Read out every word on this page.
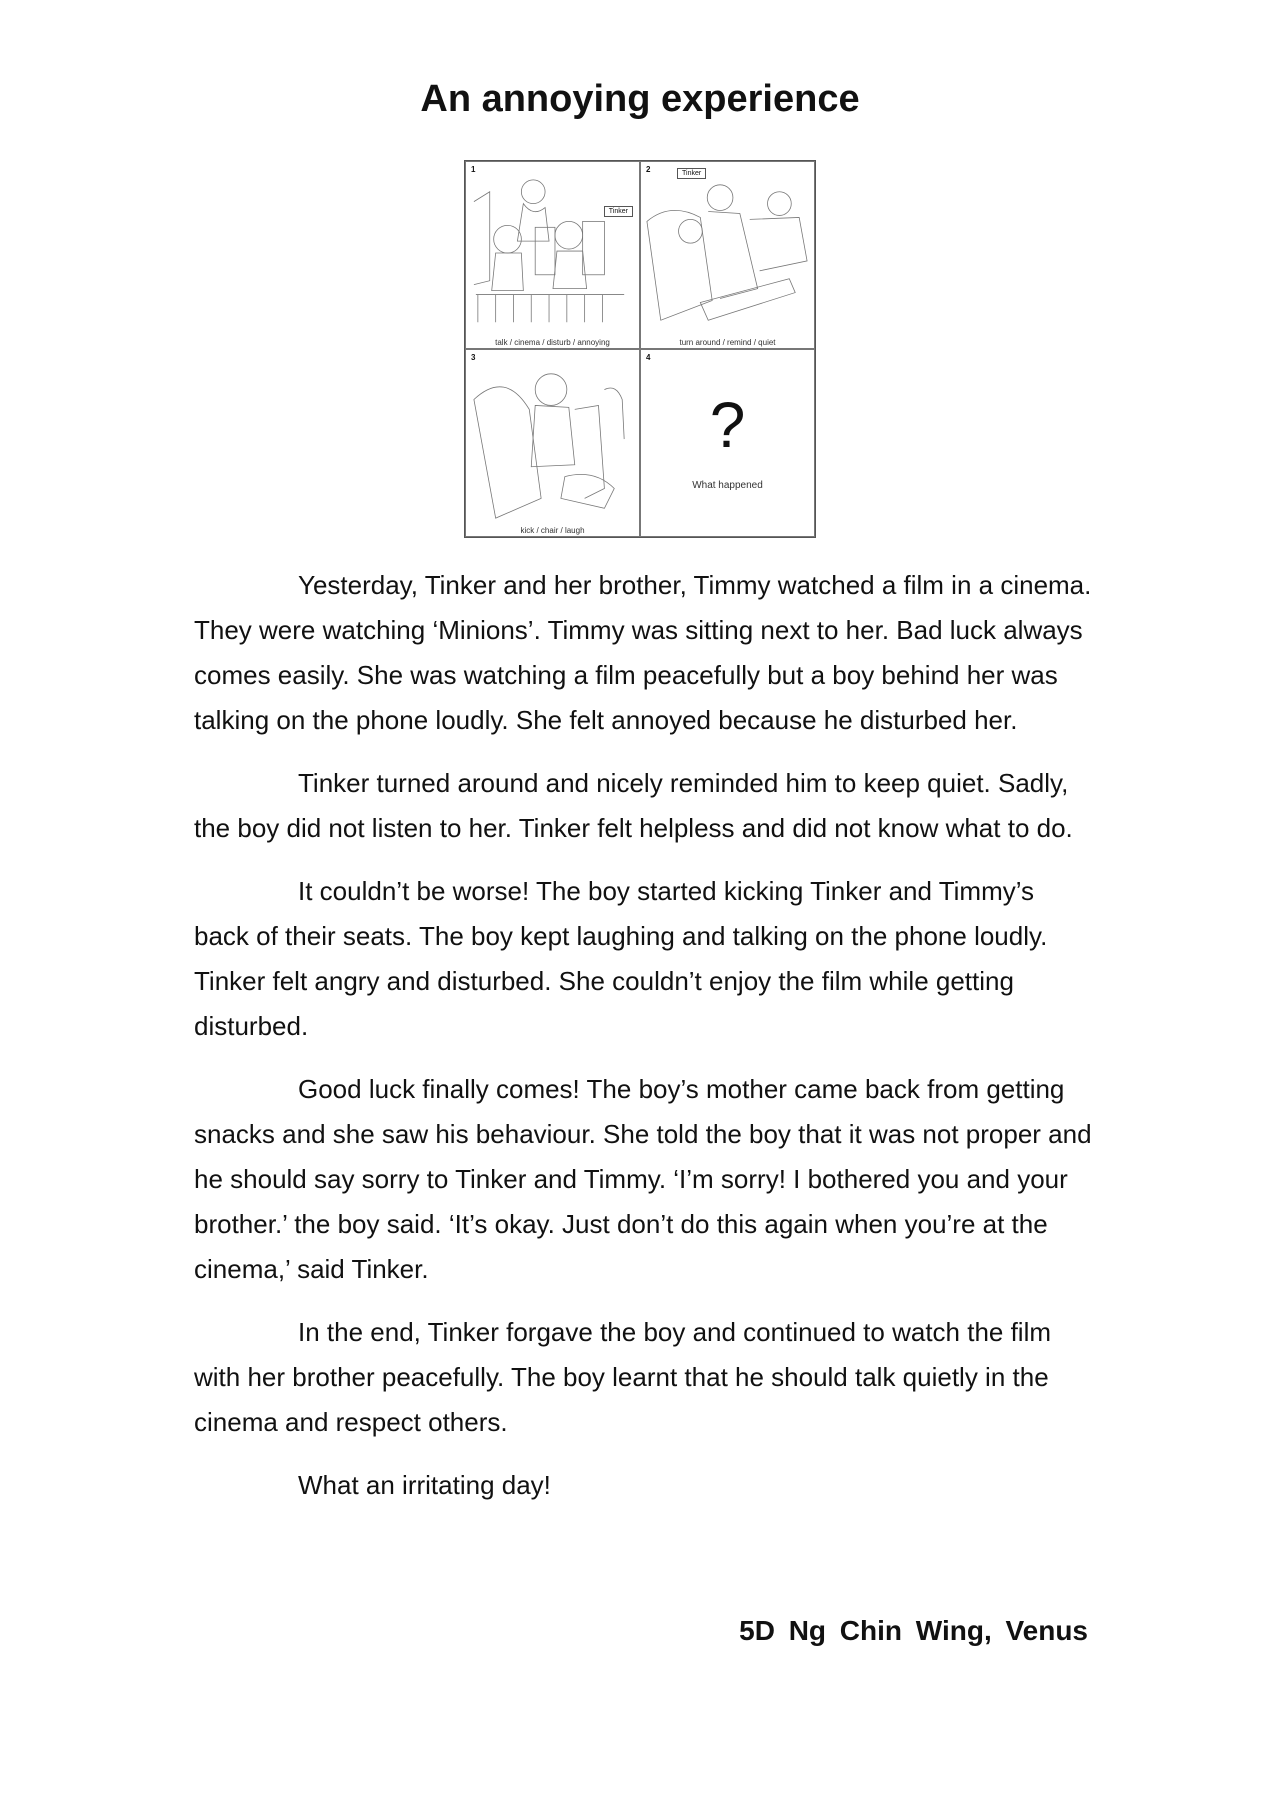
An annoying experience
1
Tinker
talk / cinema / disturb / annoying
2	Tinker
turn around / remind / quiet
3
kick / chair / laugh
4
?
What happened

Yesterday, Tinker and her brother, Timmy watched a film in a cinema. They were watching ‘Minions’. Timmy was sitting next to her. Bad luck always comes easily. She was watching a film peacefully but a boy behind her was talking on the phone loudly. She felt annoyed because he disturbed her.

Tinker turned around and nicely reminded him to keep quiet. Sadly, the boy did not listen to her. Tinker felt helpless and did not know what to do.

It couldn’t be worse! The boy started kicking Tinker and Timmy’s back of their seats. The boy kept laughing and talking on the phone loudly. Tinker felt angry and disturbed. She couldn’t enjoy the film while getting disturbed.

Good luck finally comes! The boy’s mother came back from getting snacks and she saw his behaviour. She told the boy that it was not proper and he should say sorry to Tinker and Timmy. ‘I’m sorry! I bothered you and your brother.’ the boy said. ‘It’s okay. Just don’t do this again when you’re at the cinema,’ said Tinker.

In the end, Tinker forgave the boy and continued to watch the film with her brother peacefully. The boy learnt that he should talk quietly in the cinema and respect others.

What an irritating day!

5D Ng Chin Wing, Venus
